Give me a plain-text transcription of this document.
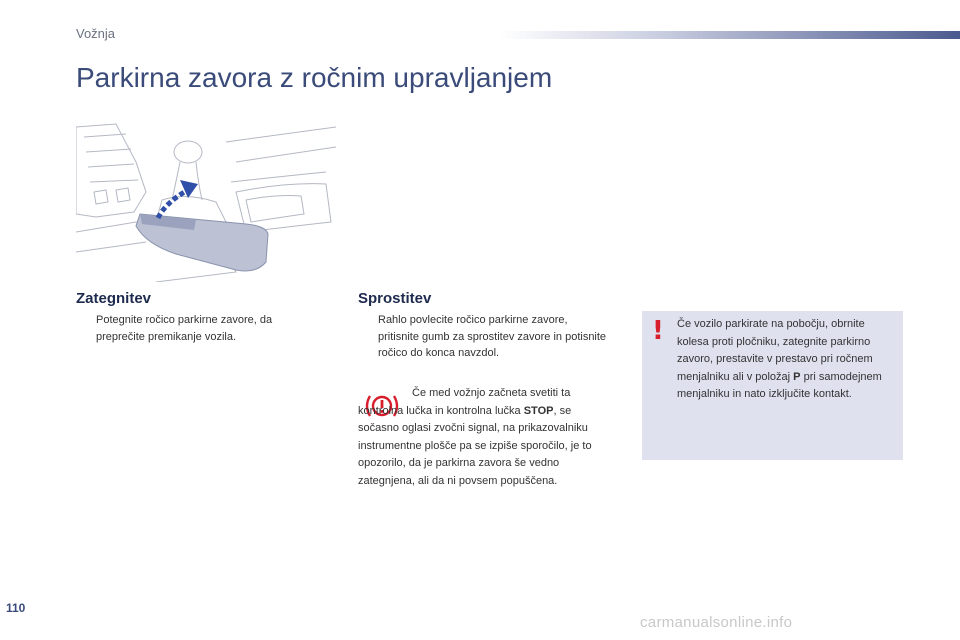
Vožnja
Parkirna zavora z ročnim upravljanjem
Zategnitev
Potegnite ročico parkirne zavore, da preprečite premikanje vozila.
Sprostitev
Rahlo povlecite ročico parkirne zavore, pritisnite gumb za sprostitev zavore in potisnite ročico do konca navzdol.
Če med vožnjo začneta svetiti ta kontrolna lučka in kontrolna lučka STOP, se sočasno oglasi zvočni signal, na prikazovalniku instrumentne plošče pa se izpiše sporočilo, je to opozorilo, da je parkirna zavora še vedno zategnjena, ali da ni povsem popuščena.
! Če vozilo parkirate na pobočju, obrnite kolesa proti pločniku, zategnite parkirno zavoro, prestavite v prestavo pri ročnem menjalniku ali v položaj P pri samodejnem menjalniku in nato izključite kontakt.
110
carmanualsonline.info
